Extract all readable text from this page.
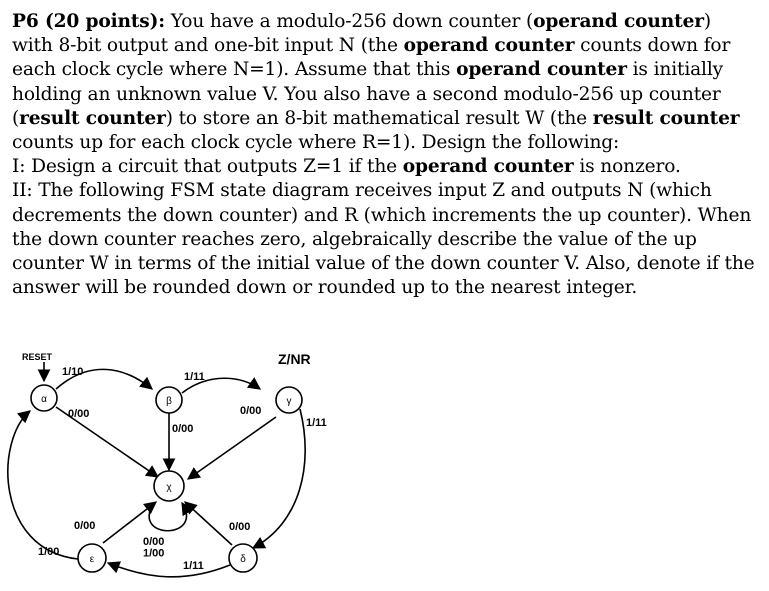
P6 (20 points): You have a modulo-256 down counter (operand counter) with 8-bit output and one-bit input N (the operand counter counts down for each clock cycle where N=1). Assume that this operand counter is initially holding an unknown value V. You also have a second modulo-256 up counter (result counter) to store an 8-bit mathematical result W (the result counter counts up for each clock cycle where R=1). Design the following:

I: Design a circuit that outputs Z=1 if the operand counter is nonzero.

II: The following FSM state diagram receives input Z and outputs N (which decrements the down counter) and R (which increments the up counter). When the down counter reaches zero, algebraically describe the value of the up counter W in terms of the initial value of the down counter V. Also, denote if the answer will be rounded down or rounded up to the nearest integer.

Z/NR
RESET
α	β	γ
χ
ε	δ
1/10
0/00
1/11
0/00
0/00
1/11
0/00 1/00
0/00	0/00
1/11
1/00
